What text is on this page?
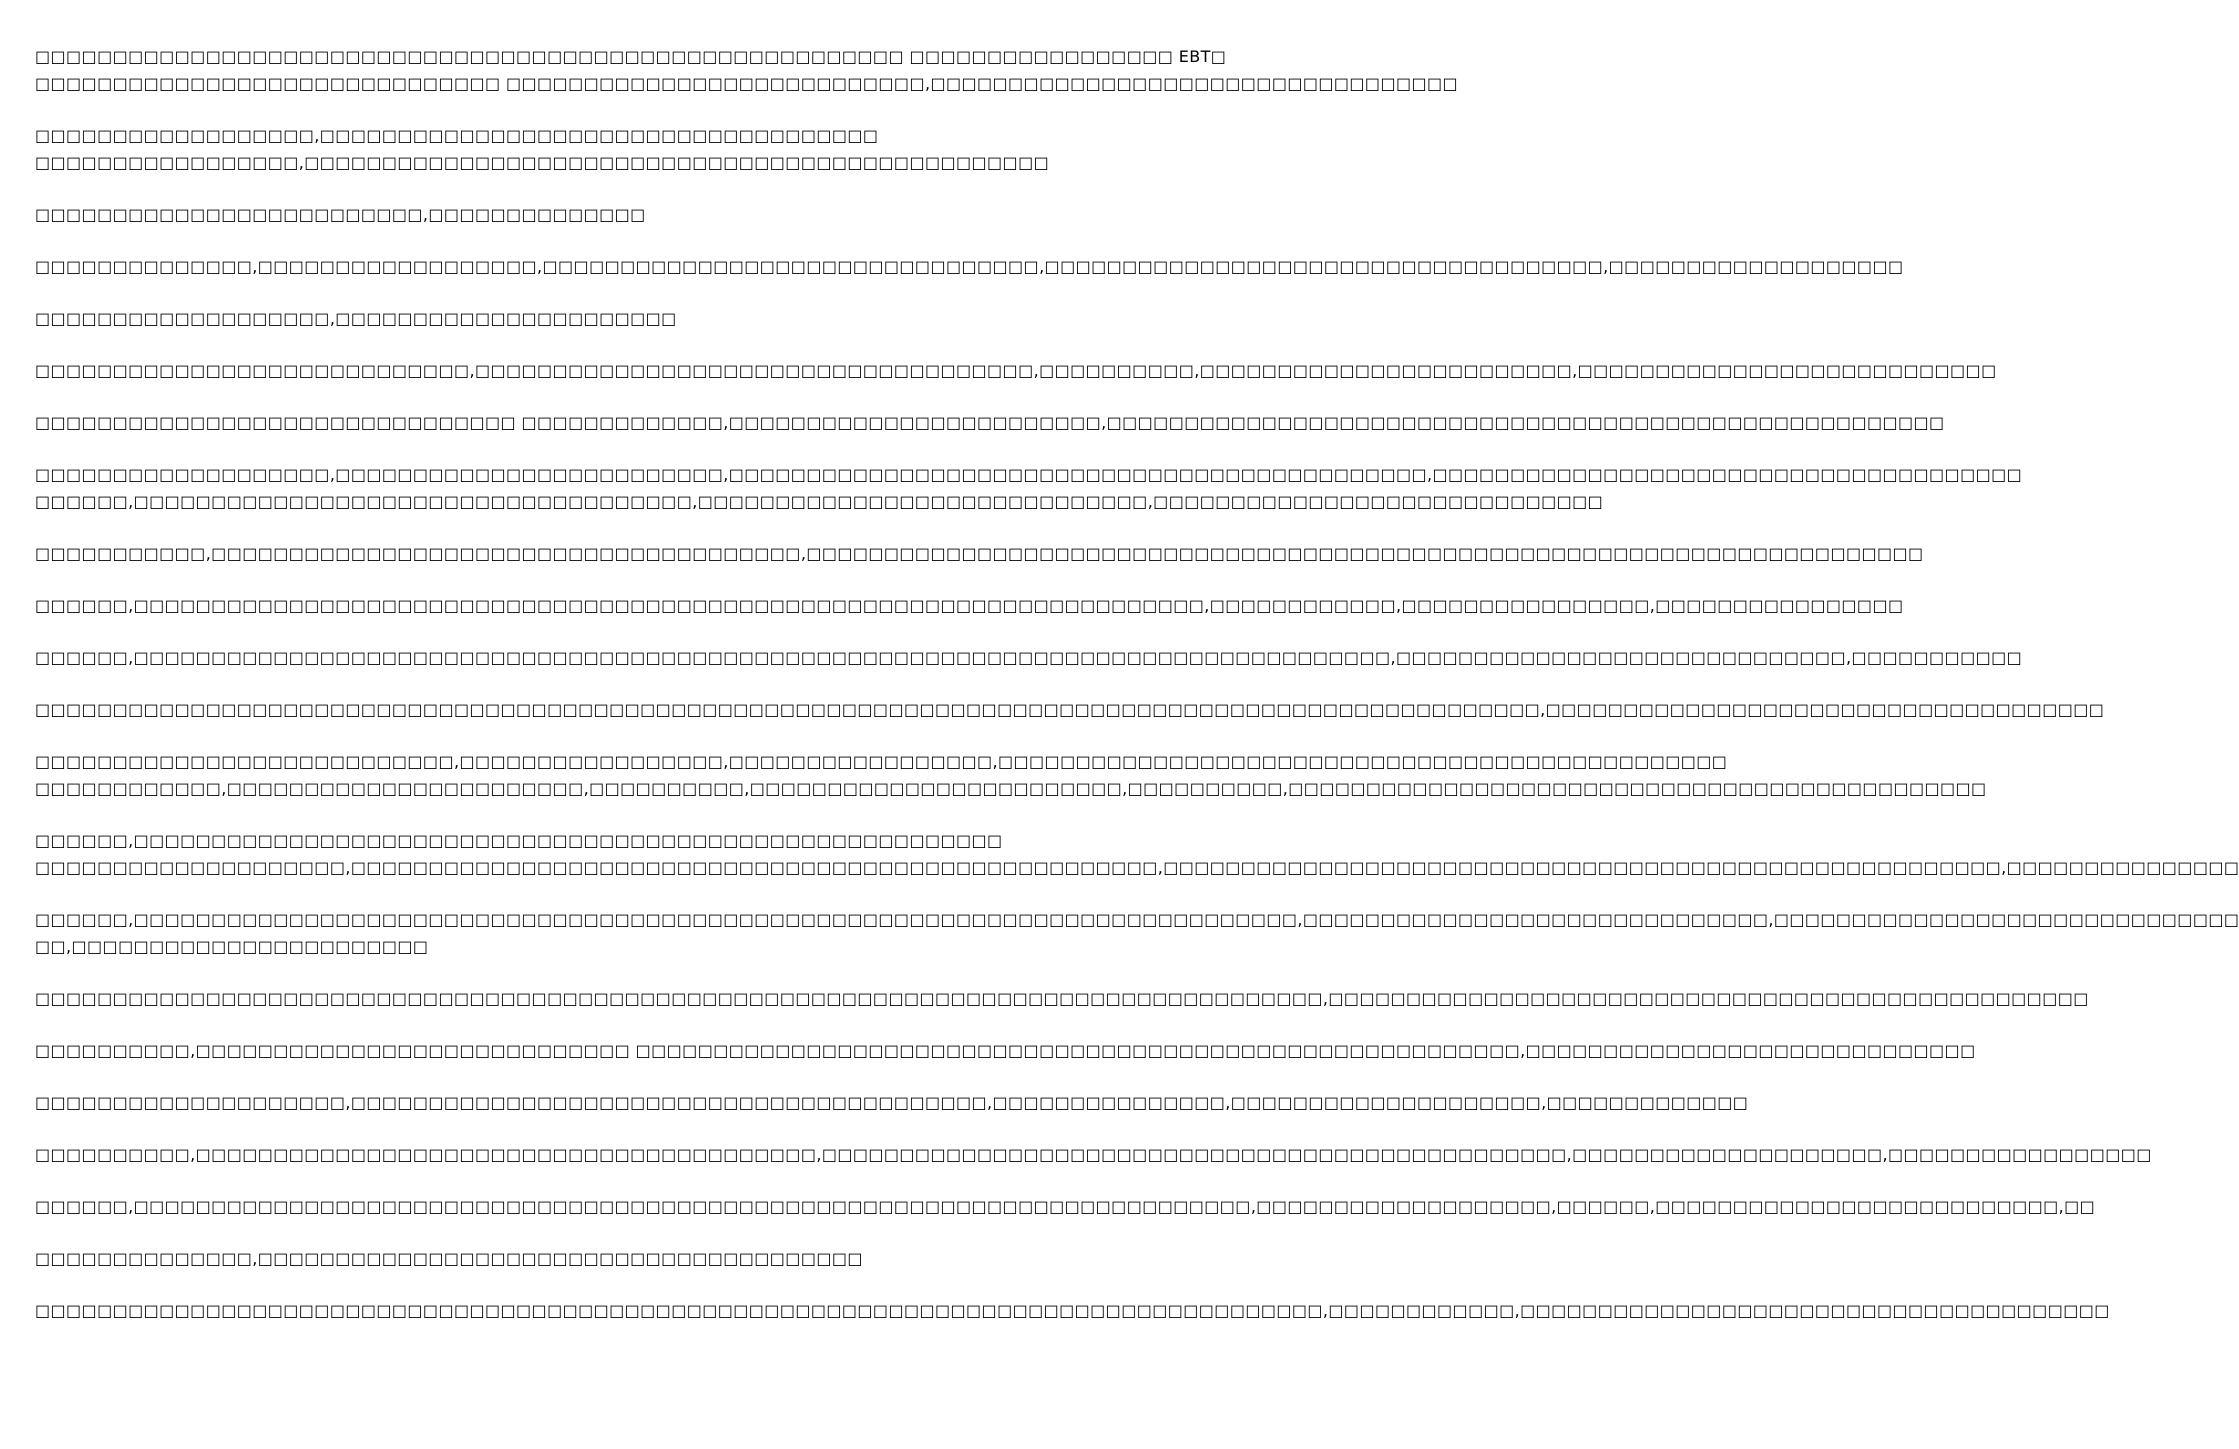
□□□□□□□□□□□□□□□□□□□□□□□□□□□□□□□□□□□□□□□□□□□□□□□□□□□□□□□□ □□□□□□□□□□□□□□□□□ EBT□
□□□□□□□□□□□□□□□□□□□□□□□□□□□□□□ □□□□□□□□□□□□□□□□□□□□□□□□□□□,□□□□□□□□□□□□□□□□□□□□□□□□□□□□□□□□□□
□□□□□□□□□□□□□□□□□□,□□□□□□□□□□□□□□□□□□□□□□□□□□□□□□□□□□□□
□□□□□□□□□□□□□□□□□,□□□□□□□□□□□□□□□□□□□□□□□□□□□□□□□□□□□□□□□□□□□□□□□□
□□□□□□□□□□□□□□□□□□□□□□□□□,□□□□□□□□□□□□□□
□□□□□□□□□□□□□□,□□□□□□□□□□□□□□□□□□,□□□□□□□□□□□□□□□□□□□□□□□□□□□□□□□□,□□□□□□□□□□□□□□□□□□□□□□□□□□□□□□□□□□□□,□□□□□□□□□□□□□□□□□□□
□□□□□□□□□□□□□□□□□□□,□□□□□□□□□□□□□□□□□□□□□□
□□□□□□□□□□□□□□□□□□□□□□□□□□□□,□□□□□□□□□□□□□□□□□□□□□□□□□□□□□□□□□□□□,□□□□□□□□□□,□□□□□□□□□□□□□□□□□□□□□□□□,□□□□□□□□□□□□□□□□□□□□□□□□□□□
□□□□□□□□□□□□□□□□□□□□□□□□□□□□□□□ □□□□□□□□□□□□□,□□□□□□□□□□□□□□□□□□□□□□□□,□□□□□□□□□□□□□□□□□□□□□□□□□□□□□□□□□□□□□□□□□□□□□□□□□□□□□□
□□□□□□□□□□□□□□□□□□□,□□□□□□□□□□□□□□□□□□□□□□□□□,□□□□□□□□□□□□□□□□□□□□□□□□□□□□□□□□□□□□□□□□□□□□□,□□□□□□□□□□□□□□□□□□□□□□□□□□□□□□□□□□□□□□
□□□□□□,□□□□□□□□□□□□□□□□□□□□□□□□□□□□□□□□□□□□,□□□□□□□□□□□□□□□□□□□□□□□□□□□□□,□□□□□□□□□□□□□□□□□□□□□□□□□□□□□
□□□□□□□□□□□,□□□□□□□□□□□□□□□□□□□□□□□□□□□□□□□□□□□□□□,□□□□□□□□□□□□□□□□□□□□□□□□□□□□□□□□□□□□□□□□□□□□□□□□□□□□□□□□□□□□□□□□□□□□□□□□
□□□□□□,□□□□□□□□□□□□□□□□□□□□□□□□□□□□□□□□□□□□□□□□□□□□□□□□□□□□□□□□□□□□□□□□□□□□□,□□□□□□□□□□□□,□□□□□□□□□□□□□□□□,□□□□□□□□□□□□□□□□
□□□□□□,□□□□□□□□□□□□□□□□□□□□□□□□□□□□□□□□□□□□□□□□□□□□□□□□□□□□□□□□□□□□□□□□□□□□□□□□□□□□□□□□□,□□□□□□□□□□□□□□□□□□□□□□□□□□□□□,□□□□□□□□□□□
□□□□□□□□□□□□□□□□□□□□□□□□□□□□□□□□□□□□□□□□□□□□□□□□□□□□□□□□□□□□□□□□□□□□□□□□□□□□□□□□□□□□□□□□□□□□□□□□□,□□□□□□□□□□□□□□□□□□□□□□□□□□□□□□□□□□□□
□□□□□□□□□□□□□□□□□□□□□□□□□□□,□□□□□□□□□□□□□□□□□,□□□□□□□□□□□□□□□□□,□□□□□□□□□□□□□□□□□□□□□□□□□□□□□□□□□□□□□□□□□□□□□□□
□□□□□□□□□□□□,□□□□□□□□□□□□□□□□□□□□□□□,□□□□□□□□□□,□□□□□□□□□□□□□□□□□□□□□□□□,□□□□□□□□□□,□□□□□□□□□□□□□□□□□□□□□□□□□□□□□□□□□□□□□□□□□□□□□
□□□□□□,□□□□□□□□□□□□□□□□□□□□□□□□□□□□□□□□□□□□□□□□□□□□□□□□□□□□□□□□
□□□□□□□□□□□□□□□□□□□□,□□□□□□□□□□□□□□□□□□□□□□□□□□□□□□□□□□□□□□□□□□□□□□□□□□□□,□□□□□□□□□□□□□□□□□□□□□□□□□□□□□□□□□□□□□□□□□□□□□□□□□□□□□□,□□□□□□□□□□□□□□□
□□□□□□,□□□□□□□□□□□□□□□□□□□□□□□□□□□□□□□□□□□□□□□□□□□□□□□□□□□□□□□□□□□□□□□□□□□□□□□□□□□,□□□□□□□□□□□□□□□□□□□□□□□□□□□□□□,□□□□□□□□□□□□□□□□□□□□□□□□□□□□□□
□□,□□□□□□□□□□□□□□□□□□□□□□□
□□□□□□□□□□□□□□□□□□□□□□□□□□□□□□□□□□□□□□□□□□□□□□□□□□□□□□□□□□□□□□□□□□□□□□□□□□□□□□□□□□□,□□□□□□□□□□□□□□□□□□□□□□□□□□□□□□□□□□□□□□□□□□□□□□□□□
□□□□□□□□□□,□□□□□□□□□□□□□□□□□□□□□□□□□□□□ □□□□□□□□□□□□□□□□□□□□□□□□□□□□□□□□□□□□□□□□□□□□□□□□□□□□□□□□□,□□□□□□□□□□□□□□□□□□□□□□□□□□□□□
□□□□□□□□□□□□□□□□□□□□,□□□□□□□□□□□□□□□□□□□□□□□□□□□□□□□□□□□□□□□□□,□□□□□□□□□□□□□□□,□□□□□□□□□□□□□□□□□□□□,□□□□□□□□□□□□□
□□□□□□□□□□,□□□□□□□□□□□□□□□□□□□□□□□□□□□□□□□□□□□□□□□□,□□□□□□□□□□□□□□□□□□□□□□□□□□□□□□□□□□□□□□□□□□□□□□□□,□□□□□□□□□□□□□□□□□□□□,□□□□□□□□□□□□□□□□□
□□□□□□,□□□□□□□□□□□□□□□□□□□□□□□□□□□□□□□□□□□□□□□□□□□□□□□□□□□□□□□□□□□□□□□□□□□□□□□□,□□□□□□□□□□□□□□□□□□□,□□□□□□,□□□□□□□□□□□□□□□□□□□□□□□□□□,□□
□□□□□□□□□□□□□□,□□□□□□□□□□□□□□□□□□□□□□□□□□□□□□□□□□□□□□□
□□□□□□□□□□□□□□□□□□□□□□□□□□□□□□□□□□□□□□□□□□□□□□□□□□□□□□□□□□□□□□□□□□□□□□□□□□□□□□□□□□□,□□□□□□□□□□□□,□□□□□□□□□□□□□□□□□□□□□□□□□□□□□□□□□□□□□□
